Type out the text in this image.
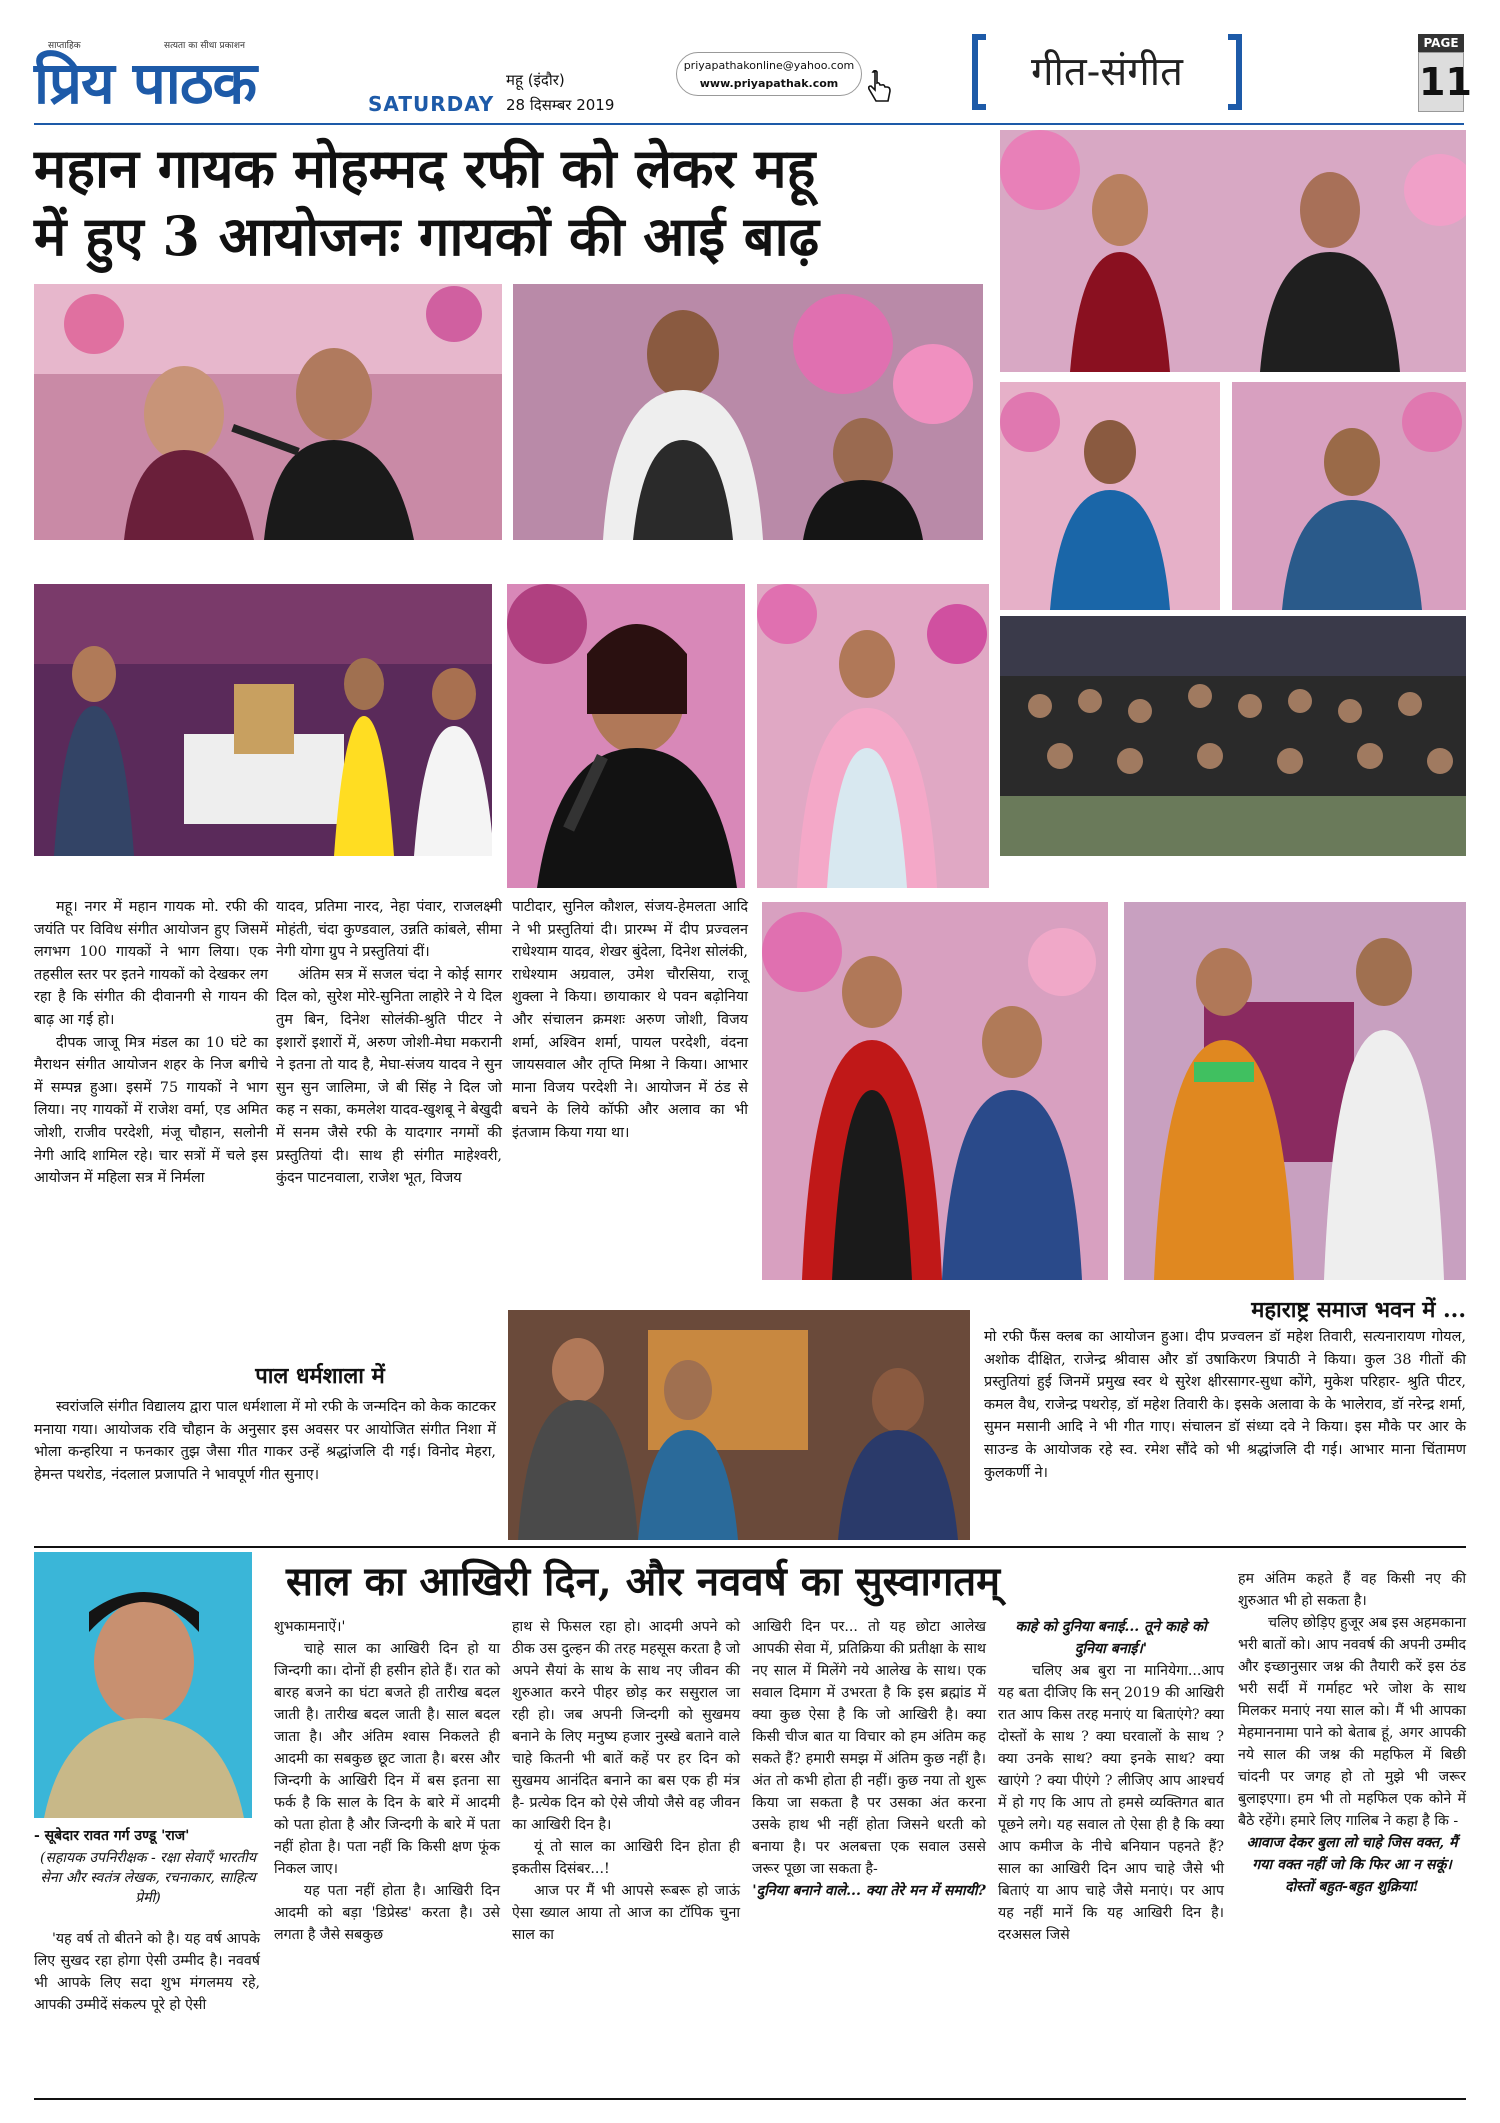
साप्ताहिक	सत्यता का सीधा प्रकाशन
प्रिय पाठक	SATURDAY
महू (इंदौर)
28 दिसम्बर 2019
priyapathakonline@yahoo.com
www.priyapathak.com	गीत-संगीत
PAGE
11
महान गायक मोहम्मद रफी को लेकर महू
में हुए 3 आयोजनः गायकों की आई बाढ़

महू। नगर में महान गायक मो. रफी की जयंति पर विविध संगीत आयोजन हुए जिसमें लगभग 100 गायकों ने भाग लिया। एक तहसील स्तर पर इतने गायकों को देखकर लग रहा है कि संगीत की दीवानगी से गायन की बाढ़ आ गई हो।

दीपक जाजू मित्र मंडल का 10 घंटे का मैराथन संगीत आयोजन शहर के निज बगीचे में सम्पन्न हुआ। इसमें 75 गायकों ने भाग लिया। नए गायकों में राजेश वर्मा, एड अमित जोशी, राजीव परदेशी, मंजू चौहान, सलोनी नेगी आदि शामिल रहे। चार सत्रों में चले इस आयोजन में महिला सत्र में निर्मला

यादव, प्रतिमा नारद, नेहा पंवार, राजलक्ष्मी मोहंती, चंदा कुण्डवाल, उन्नति कांबले, सीमा नेगी योगा ग्रुप ने प्रस्तुतियां दीं।

अंतिम सत्र में सजल चंदा ने कोई सागर दिल को, सुरेश मोरे-सुनिता लाहोरे ने ये दिल तुम बिन, दिनेश सोलंकी-श्रुति पीटर ने इशारों इशारों में, अरुण जोशी-मेघा मकरानी ने इतना तो याद है, मेघा-संजय यादव ने सुन सुन सुन जालिमा, जे बी सिंह ने दिल जो कह न सका, कमलेश यादव-खुशबू ने बेखुदी में सनम जैसे रफी के यादगार नगमों की प्रस्तुतियां दी। साथ ही संगीत माहेश्वरी, कुंदन पाटनवाला, राजेश भूत, विजय

पाटीदार, सुनिल कौशल, संजय-हेमलता आदि ने भी प्रस्तुतियां दी। प्रारम्भ में दीप प्रज्वलन राधेश्याम यादव, शेखर बुंदेला, दिनेश सोलंकी, राधेश्याम अग्रवाल, उमेश चौरसिया, राजू शुक्ला ने किया। छायाकार थे पवन बढ़ोनिया और संचालन क्रमशः अरुण जोशी, विजय शर्मा, अश्विन शर्मा, पायल परदेशी, वंदना जायसवाल और तृप्ति मिश्रा ने किया। आभार माना विजय परदेशी ने। आयोजन में ठंड से बचने के लिये कॉफी और अलाव का भी इंतजाम किया गया था।

पाल धर्मशाला में

स्वरांजलि संगीत विद्यालय द्वारा पाल धर्मशाला में मो रफी के जन्मदिन को केक काटकर मनाया गया। आयोजक रवि चौहान के अनुसार इस अवसर पर आयोजित संगीत निशा में भोला कन्हरिया न फनकार तुझ जैसा गीत गाकर उन्हें श्रद्धांजलि दी गई। विनोद मेहरा, हेमन्त पथरोड, नंदलाल प्रजापति ने भावपूर्ण गीत सुनाए।

महाराष्ट्र समाज भवन में ...

मो रफी फैंस क्लब का आयोजन हुआ। दीप प्रज्वलन डॉ महेश तिवारी, सत्यनारायण गोयल, अशोक दीक्षित, राजेन्द्र श्रीवास और डॉ उषाकिरण त्रिपाठी ने किया। कुल 38 गीतों की प्रस्तुतियां हुई जिनमें प्रमुख स्वर थे सुरेश क्षीरसागर-सुधा कोंगे, मुकेश परिहार- श्रुति पीटर, कमल वैध, राजेन्द्र पथरोड़, डॉ महेश तिवारी के। इसके अलावा के के भालेराव, डॉ नरेन्द्र शर्मा, सुमन मसानी आदि ने भी गीत गाए। संचालन डॉ संध्या दवे ने किया। इस मौके पर आर के साउन्ड के आयोजक रहे स्व. रमेश सौंदे को भी श्रद्धांजलि दी गई। आभार माना चिंतामण कुलकर्णी ने।

साल का आखिरी दिन, और नववर्ष का सुस्वागतम्
- सूबेदार रावत गर्ग उण्डू 'राज'
(सहायक उपनिरीक्षक - रक्षा सेवाएँ भारतीय सेना और स्वतंत्र लेखक, रचनाकार, साहित्य प्रेमी)

'यह वर्ष तो बीतने को है। यह वर्ष आपके लिए सुखद रहा होगा ऐसी उम्मीद है। नववर्ष भी आपके लिए सदा शुभ मंगलमय रहे, आपकी उम्मीदें संकल्प पूरे हो ऐसी

शुभकामनाऐं।'

चाहे साल का आखिरी दिन हो या जिन्दगी का। दोनों ही हसीन होते हैं। रात को बारह बजने का घंटा बजते ही तारीख बदल जाती है। तारीख बदल जाती है। साल बदल जाता है। और अंतिम श्वास निकलते ही आदमी का सबकुछ छूट जाता है। बरस और जिन्दगी के आखिरी दिन में बस इतना सा फर्क है कि साल के दिन के बारे में आदमी को पता होता है और जिन्दगी के बारे में पता नहीं होता है। पता नहीं कि किसी क्षण फूंक निकल जाए।

यह पता नहीं होता है। आखिरी दिन आदमी को बड़ा 'डिप्रेस्ड' करता है। उसे लगता है जैसे सबकुछ

हाथ से फिसल रहा हो। आदमी अपने को ठीक उस दुल्हन की तरह महसूस करता है जो अपने सैयां के साथ के साथ नए जीवन की शुरुआत करने पीहर छोड़ कर ससुराल जा रही हो। जब अपनी जिन्दगी को सुखमय बनाने के लिए मनुष्य हजार नुस्खे बताने वाले चाहे कितनी भी बातें कहें पर हर दिन को सुखमय आनंदित बनाने का बस एक ही मंत्र है- प्रत्येक दिन को ऐसे जीयो जैसे वह जीवन का आखिरी दिन है।

यूं तो साल का आखिरी दिन होता ही इकतीस दिसंबर...!

आज पर मैं भी आपसे रूबरू हो जाऊं ऐसा ख्याल आया तो आज का टॉपिक चुना साल का

आखिरी दिन पर... तो यह छोटा आलेख आपकी सेवा में, प्रतिक्रिया की प्रतीक्षा के साथ नए साल में मिलेंगे नये आलेख के साथ। एक सवाल दिमाग में उभरता है कि इस ब्रह्मांड में क्या कुछ ऐसा है कि जो आखिरी है। क्या किसी चीज बात या विचार को हम अंतिम कह सकते हैं? हमारी समझ में अंतिम कुछ नहीं है। अंत तो कभी होता ही नहीं। कुछ नया तो शुरू किया जा सकता है पर उसका अंत करना उसके हाथ भी नहीं होता जिसने धरती को बनाया है। पर अलबत्ता एक सवाल उससे जरूर पूछा जा सकता है-

'दुनिया बनाने वाले... क्या तेरे मन में समायी?

काहे को दुनिया बनाई... तूने काहे को दुनिया बनाई।'

चलिए अब बुरा ना मानियेगा...आप यह बता दीजिए कि सन् 2019 की आखिरी रात आप किस तरह मनाएं या बिताएंगे? क्या दोस्तों के साथ ? क्या घरवालों के साथ ? क्या उनके साथ? क्या इनके साथ? क्या खाएंगे ? क्या पीएंगे ? लीजिए आप आश्चर्य में हो गए कि आप तो हमसे व्यक्तिगत बात पूछने लगे। यह सवाल तो ऐसा ही है कि क्या आप कमीज के नीचे बनियान पहनते हैं? साल का आखिरी दिन आप चाहे जैसे भी बिताएं या आप चाहे जैसे मनाएं। पर आप यह नहीं मानें कि यह आखिरी दिन है। दरअसल जिसे

हम अंतिम कहते हैं वह किसी नए की शुरुआत भी हो सकता है।

चलिए छोड़िए हुजूर अब इस अहमकाना भरी बातों को। आप नववर्ष की अपनी उम्मीद और इच्छानुसार जश्न की तैयारी करें इस ठंड भरी सर्दी में गर्माहट भरे जोश के साथ मिलकर मनाएं नया साल को। मैं भी आपका मेहमाननामा पाने को बेताब हूं, अगर आपकी नये साल की जश्न की महफिल में बिछी चांदनी पर जगह हो तो मुझे भी जरूर बुलाइएगा। हम भी तो महफिल एक कोने में बैठे रहेंगे। हमारे लिए गालिब ने कहा है कि -

आवाज देकर बुला लो चाहे जिस वक्त, मैं गया वक्त नहीं जो कि फिर आ न सकूं। दोस्तों बहुत-बहुत शुक्रिया!
